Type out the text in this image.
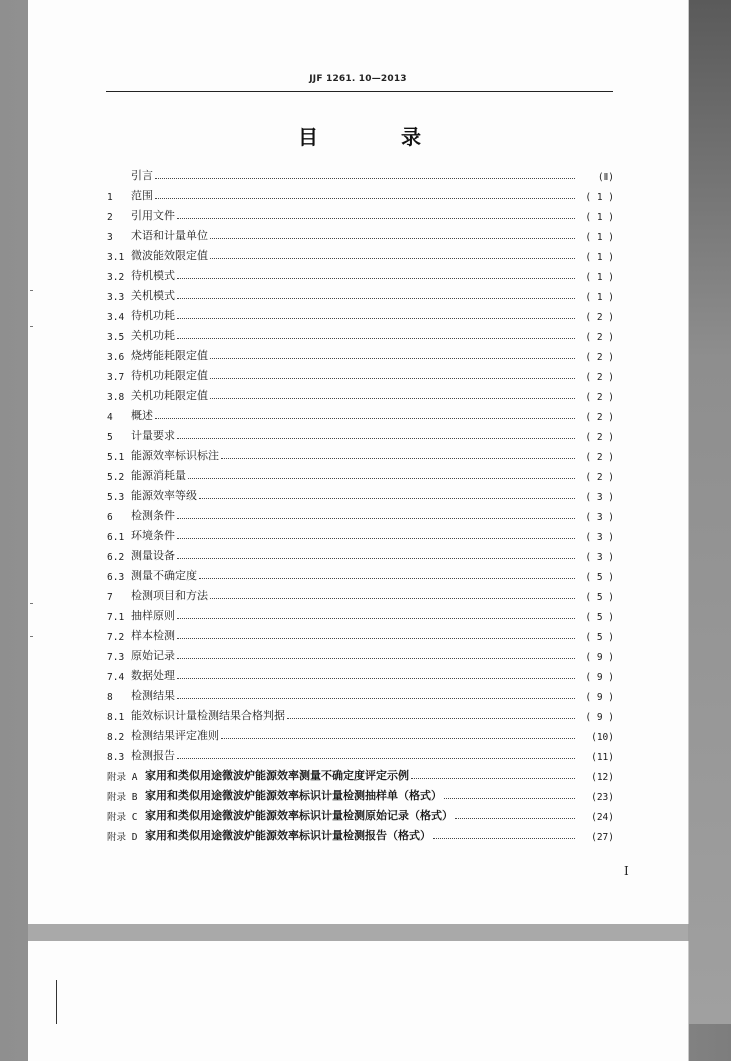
JJF 1261. 10—2013
目 录
引言	(Ⅱ)
1	范围	( 1 )
2	引用文件	( 1 )
3	术语和计量单位	( 1 )
3.1 微波能效限定值	( 1 )
3.2 待机模式	( 1 )
3.3 关机模式	( 1 )
3.4 待机功耗	( 2 )
3.5 关机功耗	( 2 )
3.6 烧烤能耗限定值	( 2 )
3.7 待机功耗限定值	( 2 )
3.8 关机功耗限定值	( 2 )
4	概述	( 2 )
5	计量要求	( 2 )
5.1 能源效率标识标注	( 2 )
5.2 能源消耗量	( 2 )
5.3 能源效率等级	( 3 )
6	检测条件	( 3 )
6.1 环境条件	( 3 )
6.2 测量设备	( 3 )
6.3 测量不确定度	( 5 )
7	检测项目和方法	( 5 )
7.1 抽样原则	( 5 )
7.2 样本检测	( 5 )
7.3 原始记录	( 9 )
7.4 数据处理	( 9 )
8	检测结果	( 9 )
8.1 能效标识计量检测结果合格判据	( 9 )
8.2 检测结果评定准则	(10)
8.3 检测报告	(11)
附录 A 家用和类似用途微波炉能源效率测量不确定度评定示例	(12)
附录 B 家用和类似用途微波炉能源效率标识计量检测抽样单（格式）	(23)
附录 C 家用和类似用途微波炉能源效率标识计量检测原始记录（格式）	(24)
附录 D 家用和类似用途微波炉能源效率标识计量检测报告（格式）	(27)
I
